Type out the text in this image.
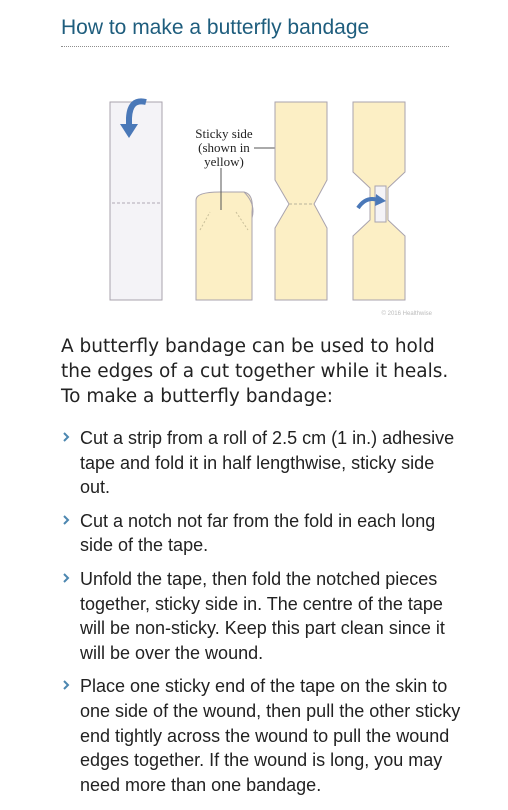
How to make a butterfly bandage
Sticky side
(shown in
yellow)
© 2016 Healthwise

A butterfly bandage can be used to hold the edges of a cut together while it heals. To make a butterfly bandage:

Cut a strip from a roll of 2.5 cm (1 in.) adhesive tape and fold it in half lengthwise, sticky side out.
Cut a notch not far from the fold in each long side of the tape.
Unfold the tape, then fold the notched pieces together, sticky side in. The centre of the tape will be non-sticky. Keep this part clean since it will be over the wound.
Place one sticky end of the tape on the skin to one side of the wound, then pull the other sticky end tightly across the wound to pull the wound edges together. If the wound is long, you may need more than one bandage.
